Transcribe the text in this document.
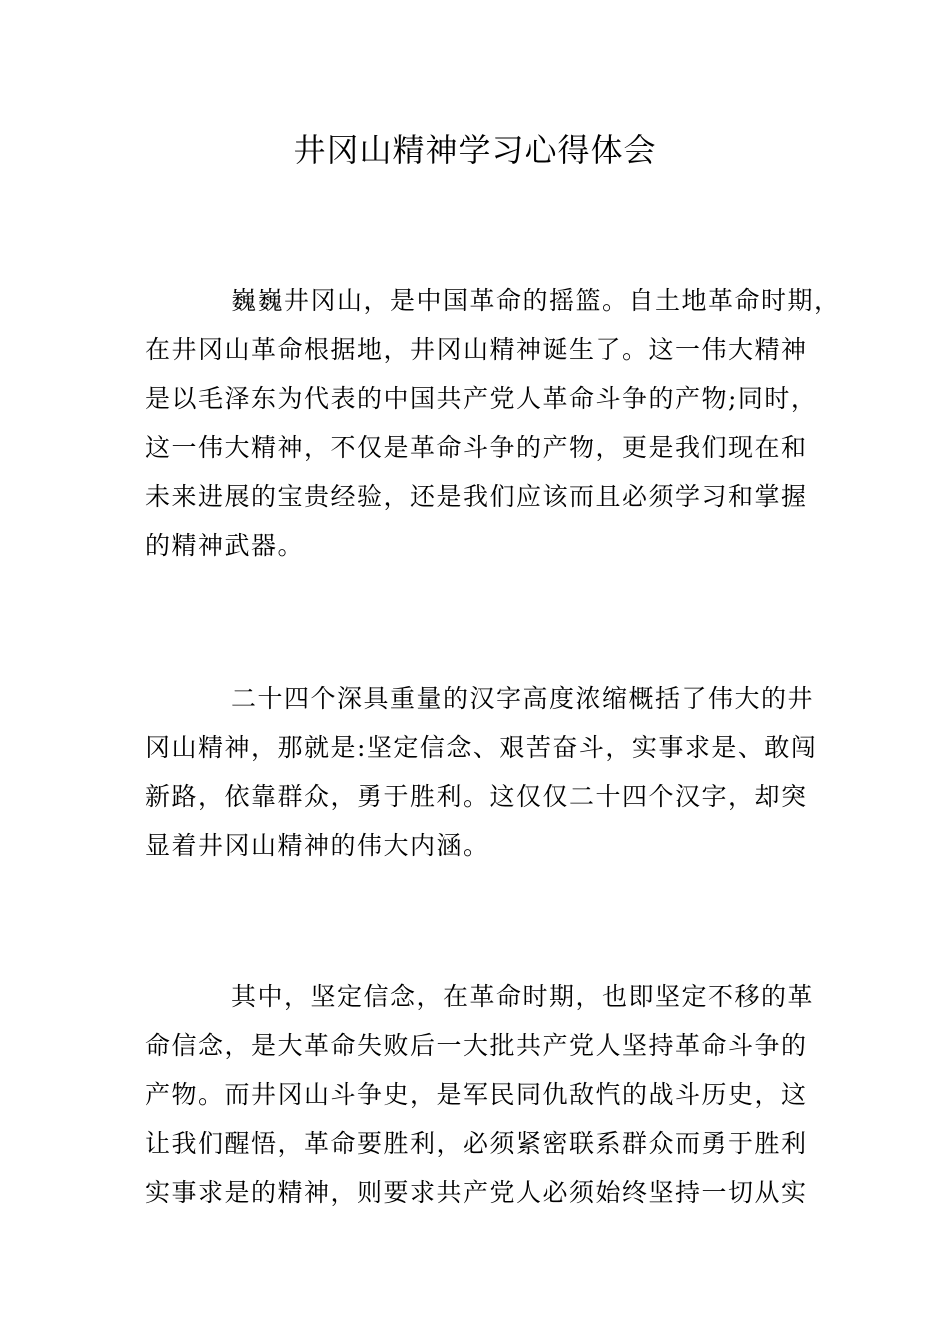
井冈山精神学习心得体会
巍巍井冈山，是中国革命的摇篮。自土地革命时期，
在井冈山革命根据地，井冈山精神诞生了。这一伟大精神
是以毛泽东为代表的中国共产党人革命斗争的产物;同时，
这一伟大精神，不仅是革命斗争的产物，更是我们现在和
未来进展的宝贵经验，还是我们应该而且必须学习和掌握
的精神武器。
二十四个深具重量的汉字高度浓缩概括了伟大的井
冈山精神，那就是:坚定信念、艰苦奋斗，实事求是、敢闯
新路，依靠群众，勇于胜利。这仅仅二十四个汉字，却突
显着井冈山精神的伟大内涵。
其中，坚定信念，在革命时期，也即坚定不移的革
命信念，是大革命失败后一大批共产党人坚持革命斗争的
产物。而井冈山斗争史，是军民同仇敌忾的战斗历史，这
让我们醒悟，革命要胜利，必须紧密联系群众而勇于胜利
实事求是的精神，则要求共产党人必须始终坚持一切从实
